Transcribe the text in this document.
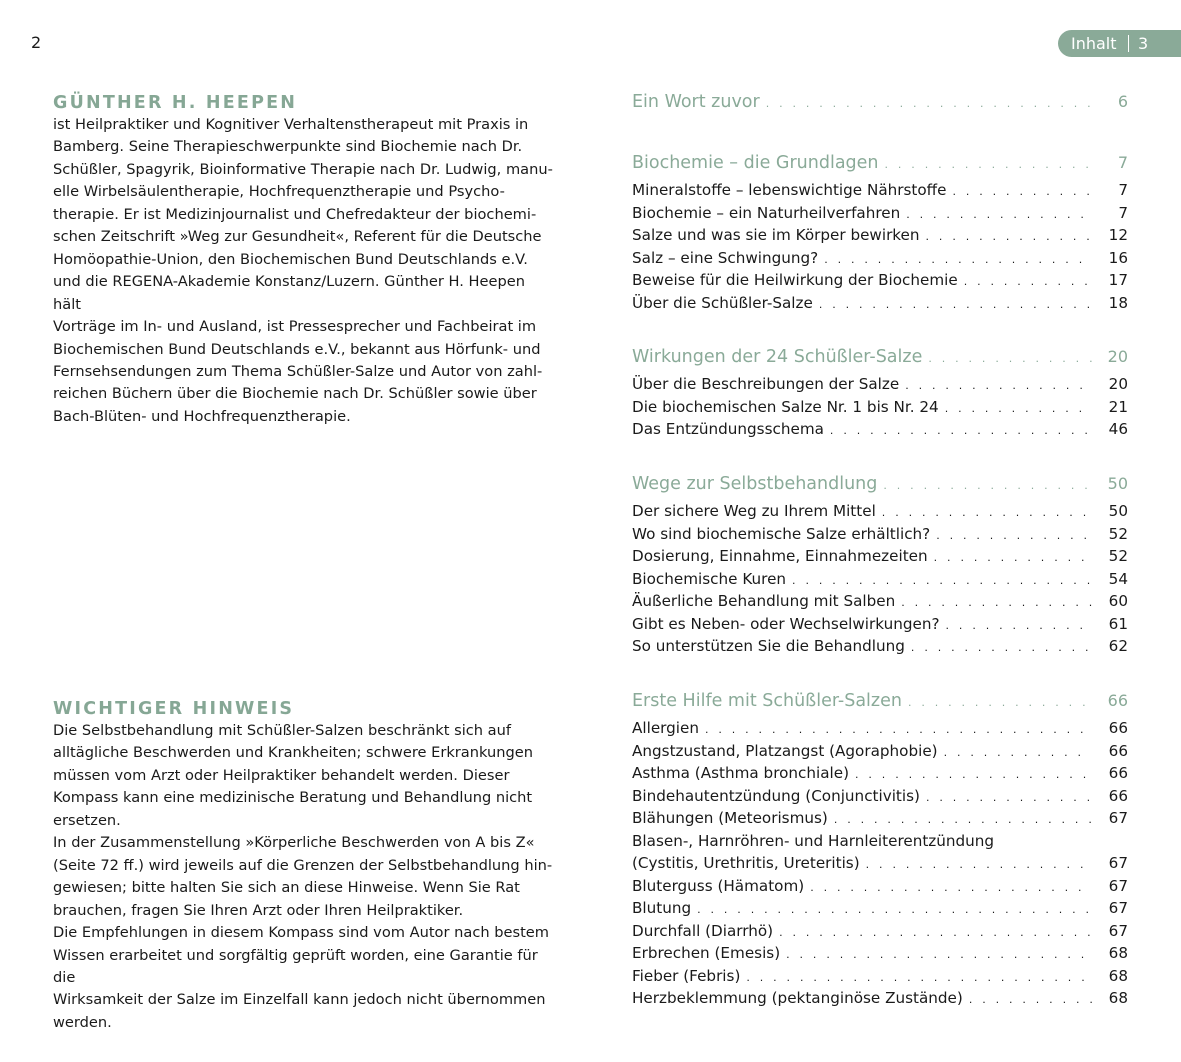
2	Inhalt 3
GÜNTHER H. HEEPEN

ist Heilpraktiker und Kognitiver Verhaltenstherapeut mit Praxis in
Bamberg. Seine Therapieschwerpunkte sind Biochemie nach Dr.
Schüßler, Spagyrik, Bioinformative Therapie nach Dr. Ludwig, manu-
elle Wirbelsäulentherapie, Hochfrequenztherapie und Psycho-
therapie. Er ist Medizinjournalist und Chefredakteur der biochemi-
schen Zeitschrift »Weg zur Gesundheit«, Referent für die Deutsche
Homöopathie-Union, den Biochemischen Bund Deutschlands e.V.
und die REGENA-Akademie Konstanz/Luzern. Günther H. Heepen hält
Vorträge im In- und Ausland, ist Pressesprecher und Fachbeirat im
Biochemischen Bund Deutschlands e.V., bekannt aus Hörfunk- und
Fernsehsendungen zum Thema Schüßler-Salze und Autor von zahl-
reichen Büchern über die Biochemie nach Dr. Schüßler sowie über
Bach-Blüten- und Hochfrequenztherapie.

WICHTIGER HINWEIS

Die Selbstbehandlung mit Schüßler-Salzen beschränkt sich auf
alltägliche Beschwerden und Krankheiten; schwere Erkrankungen
müssen vom Arzt oder Heilpraktiker behandelt werden. Dieser
Kompass kann eine medizinische Beratung und Behandlung nicht
ersetzen.
In der Zusammenstellung »Körperliche Beschwerden von A bis Z«
(Seite 72 ff.) wird jeweils auf die Grenzen der Selbstbehandlung hin-
gewiesen; bitte halten Sie sich an diese Hinweise. Wenn Sie Rat
brauchen, fragen Sie Ihren Arzt oder Ihren Heilpraktiker.
Die Empfehlungen in diesem Kompass sind vom Autor nach bestem
Wissen erarbeitet und sorgfältig geprüft worden, eine Garantie für die
Wirksamkeit der Salze im Einzelfall kann jedoch nicht übernommen
werden.

Ein Wort zuvor . . .	6
Biochemie – die Grundlagen . . .	7
Mineralstoffe – lebenswichtige Nährstoffe . . .	7
Biochemie – ein Naturheilverfahren . . .	7
Salze und was sie im Körper bewirken . . .	12
Salz – eine Schwingung? . . .	16
Beweise für die Heilwirkung der Biochemie . . .	17
Über die Schüßler-Salze . . .	18
Wirkungen der 24 Schüßler-Salze . . .	20
Über die Beschreibungen der Salze . . .	20
Die biochemischen Salze Nr. 1 bis Nr. 24 . . .	21
Das Entzündungsschema . . .	46
Wege zur Selbstbehandlung . . .	50
Der sichere Weg zu Ihrem Mittel . . .	50
Wo sind biochemische Salze erhältlich? . . .	52
Dosierung, Einnahme, Einnahmezeiten . . .	52
Biochemische Kuren . . .	54
Äußerliche Behandlung mit Salben . . .	60
Gibt es Neben- oder Wechselwirkungen? . . .	61
So unterstützen Sie die Behandlung . . .	62
Erste Hilfe mit Schüßler-Salzen . . .	66
Allergien . . .	66
Angstzustand, Platzangst (Agoraphobie) . . .	66
Asthma (Asthma bronchiale) . . .	66
Bindehautentzündung (Conjunctivitis) . . .	66
Blähungen (Meteorismus) . . .	67
Blasen-, Harnröhren- und Harnleiterentzündung
(Cystitis, Urethritis, Ureteritis) . . .	67
Bluterguss (Hämatom) . . .	67
Blutung . . .	67
Durchfall (Diarrhö) . . .	67
Erbrechen (Emesis) . . .	68
Fieber (Febris) . . .	68
Herzbeklemmung (pektanginöse Zustände) . . .	68
